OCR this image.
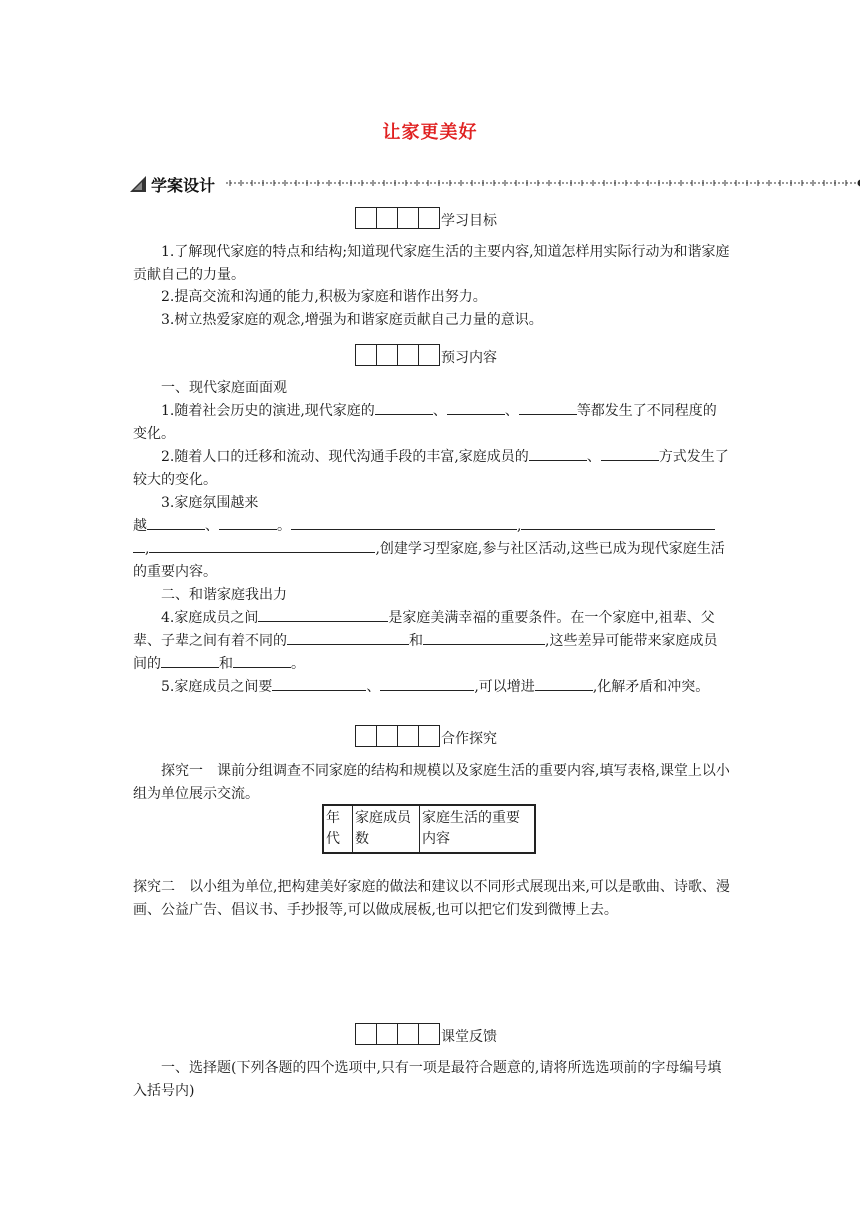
让家更美好
学案设计
学习目标
1.了解现代家庭的特点和结构;知道现代家庭生活的主要内容,知道怎样用实际行动为和谐家庭贡献自己的力量。
2.提高交流和沟通的能力,积极为家庭和谐作出努力。
3.树立热爱家庭的观念,增强为和谐家庭贡献自己力量的意识。
预习内容
一、现代家庭面面观
1.随着社会历史的演进,现代家庭的	、	、	等都发生了不同程度的变化。
2.随着人口的迁移和流动、现代沟通手段的丰富,家庭成员的	、	方式发生了较大的变化。
3.家庭氛围越来
越	、	。	,
,	,创建学习型家庭,参与社区活动,这些已成为现代家庭生活的重要内容。
二、和谐家庭我出力
4.家庭成员之间	是家庭美满幸福的重要条件。在一个家庭中,祖辈、父辈、子辈之间有着不同的	和	,这些差异可能带来家庭成员间的	和	。
5.家庭成员之间要	、	,可以增进	,化解矛盾和冲突。
合作探究
探究一　课前分组调查不同家庭的结构和规模以及家庭生活的重要内容,填写表格,课堂上以小组为单位展示交流。
年代	家庭成员数	家庭生活的重要内容
探究二　以小组为单位,把构建美好家庭的做法和建议以不同形式展现出来,可以是歌曲、诗歌、漫画、公益广告、倡议书、手抄报等,可以做成展板,也可以把它们发到微博上去。
课堂反馈
一、选择题(下列各题的四个选项中,只有一项是最符合题意的,请将所选选项前的字母编号填入括号内)
